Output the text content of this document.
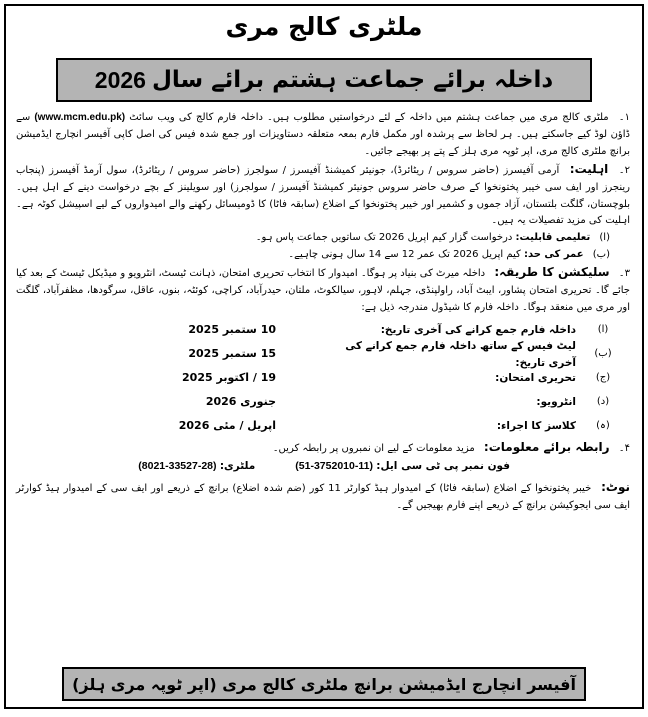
ملٹری کالج مری
داخلہ برائے جماعت ہشتم برائے سال
2026

۱۔ ملٹری کالج مری میں جماعت ہشتم میں داخلہ کے لئے درخواستیں مطلوب ہیں۔ داخلہ فارم کالج کی ویب سائٹ (www.mcm.edu.pk) سے ڈاؤن لوڈ کیے جاسکتے ہیں۔ ہر لحاظ سے پرشدہ اور مکمل فارم بمعہ متعلقہ دستاویزات اور جمع شدہ فیس کی اصل کاپی آفیسر انچارج ایڈمیشن برانچ ملٹری کالج مری، اپر ٹوپہ مری ہلز کے پتے پر بھیجے جائیں۔

۲۔ اہلیت: آرمی آفیسرز (حاضر سروس / ریٹائرڈ)، جونیئر کمیشنڈ آفیسرز / سولجرز (حاضر سروس / ریٹائرڈ)، سول آرمڈ آفیسرز (پنجاب رینجرز اور ایف سی خیبر پختونخوا کے صرف حاضر سروس جونیئر کمیشنڈ آفیسرز / سولجرز) اور سویلینز کے بچے درخواست دینے کے اہل ہیں۔ بلوچستان، گلگت بلتستان، آزاد جموں و کشمیر اور خیبر پختونخوا کے اضلاع (سابقہ فاٹا) کا ڈومیسائل رکھنے والے امیدواروں کے لیے اسپیشل کوٹہ ہے۔ اہلیت کی مزید تفصیلات یہ ہیں۔

(ا) تعلیمی قابلیت: درخواست گزار کیم اپریل 2026 تک ساتویں جماعت پاس ہو۔
(ب) عمر کی حد: کیم اپریل 2026 تک عمر 12 سے 14 سال ہونی چاہیے۔

۳۔ سلیکشن کا طریقہ: داخلہ میرٹ کی بنیاد پر ہوگا۔ امیدوار کا انتخاب تحریری امتحان، ذہانت ٹیسٹ، انٹرویو و میڈیکل ٹیسٹ کے بعد کیا جائے گا۔ تحریری امتحان پشاور، ایبٹ آباد، راولپنڈی، جہلم، لاہور، سیالکوٹ، ملتان، حیدرآباد، کراچی، کوئٹہ، بنوں، عاقل، سرگودھا، مظفرآباد، گلگت اور مری میں منعقد ہوگا۔ داخلہ فارم کا شیڈول مندرجہ ذیل ہے:

(ا)
داخلہ فارم جمع کرانے کی آخری تاریخ:
10 ستمبر 2025
(ب)
لیٹ فیس کے ساتھ داخلہ فارم جمع کرانے کی آخری تاریخ:
15 ستمبر 2025
(ج)
تحریری امتحان:
19 / اکتوبر 2025
(د)
انٹرویو:
جنوری 2026
(ہ)
کلاسز کا اجراء:
اپریل / مئی 2026

۴۔ رابطہ برائے معلومات: مزید معلومات کے لیے ان نمبروں پر رابطہ کریں۔

فون نمبر پی ٹی سی ایل: (51-3752010-11)
ملٹری: (8021-33527-28)

نوٹ: خیبر پختونخوا کے اضلاع (سابقہ فاٹا) کے امیدوار ہیڈ کوارٹر 11 کور (ضم شدہ اضلاع) برانچ کے ذریعے اور ایف سی کے امیدوار ہیڈ کوارٹر ایف سی ایجوکیشن برانچ کے ذریعے اپنے فارم بھیجیں گے۔

آفیسر انچارج ایڈمیشن برانچ ملٹری کالج مری (اپر ٹوپہ مری ہلز)
